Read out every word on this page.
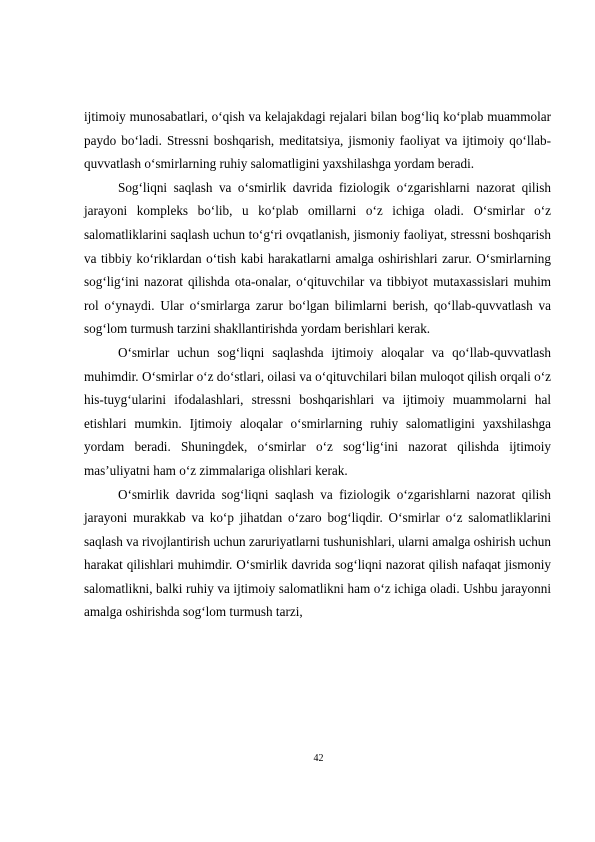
ijtimoiy munosabatlari, o‘qish va kelajakdagi rejalari bilan bog‘liq ko‘plab muammolar paydo bo‘ladi. Stressni boshqarish, meditatsiya, jismoniy faoliyat va ijtimoiy qo‘llab-quvvatlash o‘smirlarning ruhiy salomatligini yaxshilashga yordam beradi.

Sog‘liqni saqlash va o‘smirlik davrida fiziologik o‘zgarishlarni nazorat qilish jarayoni kompleks bo‘lib, u ko‘plab omillarni o‘z ichiga oladi. O‘smirlar o‘z salomatliklarini saqlash uchun to‘g‘ri ovqatlanish, jismoniy faoliyat, stressni boshqarish va tibbiy ko‘riklardan o‘tish kabi harakatlarni amalga oshirishlari zarur. O‘smirlarning sog‘lig‘ini nazorat qilishda ota-onalar, o‘qituvchilar va tibbiyot mutaxassislari muhim rol o‘ynaydi. Ular o‘smirlarga zarur bo‘lgan bilimlarni berish, qo‘llab-quvvatlash va sog‘lom turmush tarzini shakllantirishda yordam berishlari kerak.

O‘smirlar uchun sog‘liqni saqlashda ijtimoiy aloqalar va qo‘llab-quvvatlash muhimdir. O‘smirlar o‘z do‘stlari, oilasi va o‘qituvchilari bilan muloqot qilish orqali o‘z his-tuyg‘ularini ifodalashlari, stressni boshqarishlari va ijtimoiy muammolarni hal etishlari mumkin. Ijtimoiy aloqalar o‘smirlarning ruhiy salomatligini yaxshilashga yordam beradi. Shuningdek, o‘smirlar o‘z sog‘lig‘ini nazorat qilishda ijtimoiy mas’uliyatni ham o‘z zimmalariga olishlari kerak.

O‘smirlik davrida sog‘liqni saqlash va fiziologik o‘zgarishlarni nazorat qilish jarayoni murakkab va ko‘p jihatdan o‘zaro bog‘liqdir. O‘smirlar o‘z salomatliklarini saqlash va rivojlantirish uchun zaruriyatlarni tushunishlari, ularni amalga oshirish uchun harakat qilishlari muhimdir. O‘smirlik davrida sog‘liqni nazorat qilish nafaqat jismoniy salomatlikni, balki ruhiy va ijtimoiy salomatlikni ham o‘z ichiga oladi. Ushbu jarayonni amalga oshirishda sog‘lom turmush tarzi,

42
